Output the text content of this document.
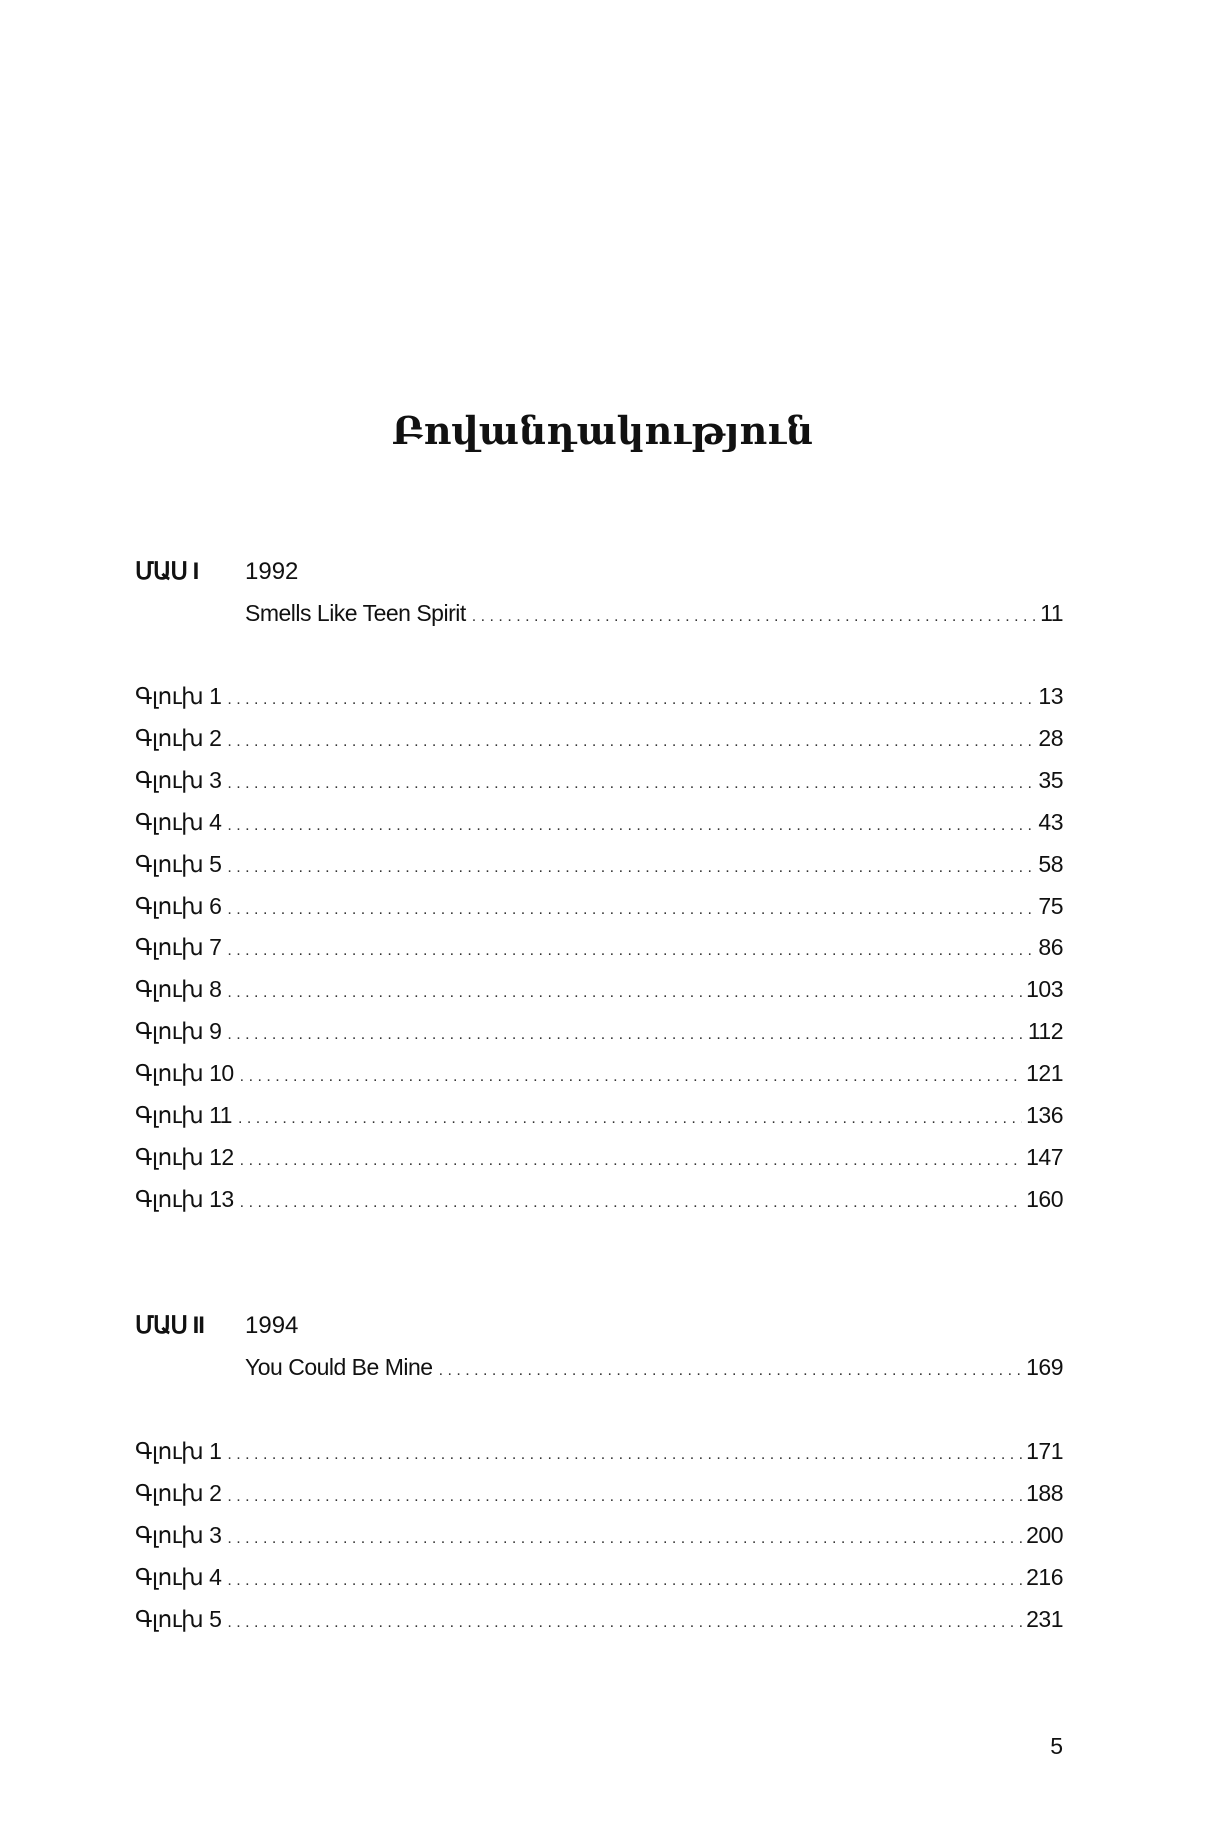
Բովանդակություն
ՄԱՍ I	1992
Smells Like Teen Spirit . . .	11
Գլուխ 1 . . .	13
Գլուխ 2 . . .	28
Գլուխ 3 . . .	35
Գլուխ 4 . . .	43
Գլուխ 5 . . .	58
Գլուխ 6 . . .	75
Գլուխ 7 . . .	86
Գլուխ 8 . . .	103
Գլուխ 9 . . .	112
Գլուխ 10 . . .	121
Գլուխ 11 . . .	136
Գլուխ 12 . . .	147
Գլուխ 13 . . .	160
ՄԱՍ II	1994
You Could Be Mine . . .	169
Գլուխ 1 . . .	171
Գլուխ 2 . . .	188
Գլուխ 3 . . .	200
Գլուխ 4 . . .	216
Գլուխ 5 . . .	231
5
